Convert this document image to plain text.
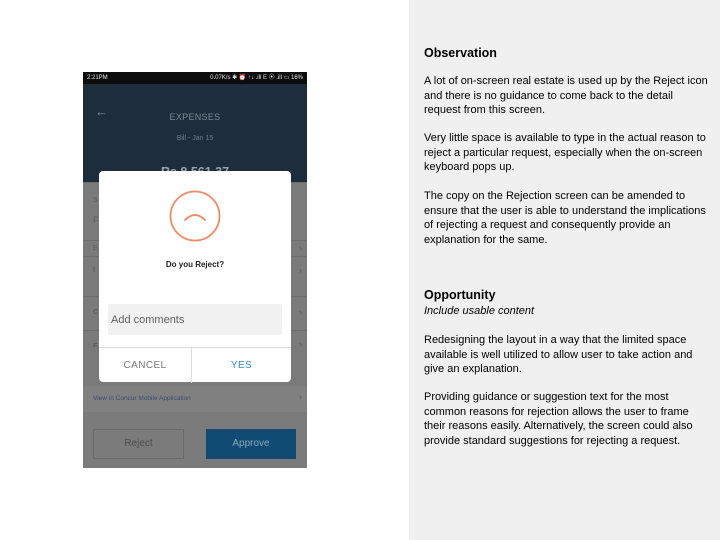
2:21PM	0.07K/s ✱ ⏰ ↑↓ .ill E ⦿ .ill ▭ 16%
←	EXPENSES
Bill - Jan 15
S
F
E	›
I	›
C	›
F	›
View in Concur Mobile Application	›
Reject	Approve
Do you Reject?
Add comments
CANCEL	YES
Observation

A lot of on-screen real estate is used up by the Reject icon and there is no guidance to come back to the detail request from this screen.

Very little space is available to type in the actual reason to reject a particular request, especially when the on-screen keyboard pops up.

The copy on the Rejection screen can be amended to ensure that the user is able to understand the implications of rejecting a request and consequently provide an explanation for the same.

Opportunity

Include usable content

Redesigning the layout in a way that the limited space available is well utilized to allow user to take action and give an explanation.

Providing guidance or suggestion text for the most common reasons for rejection allows the user to frame their reasons easily. Alternatively, the screen could also provide standard suggestions for rejecting a request.
